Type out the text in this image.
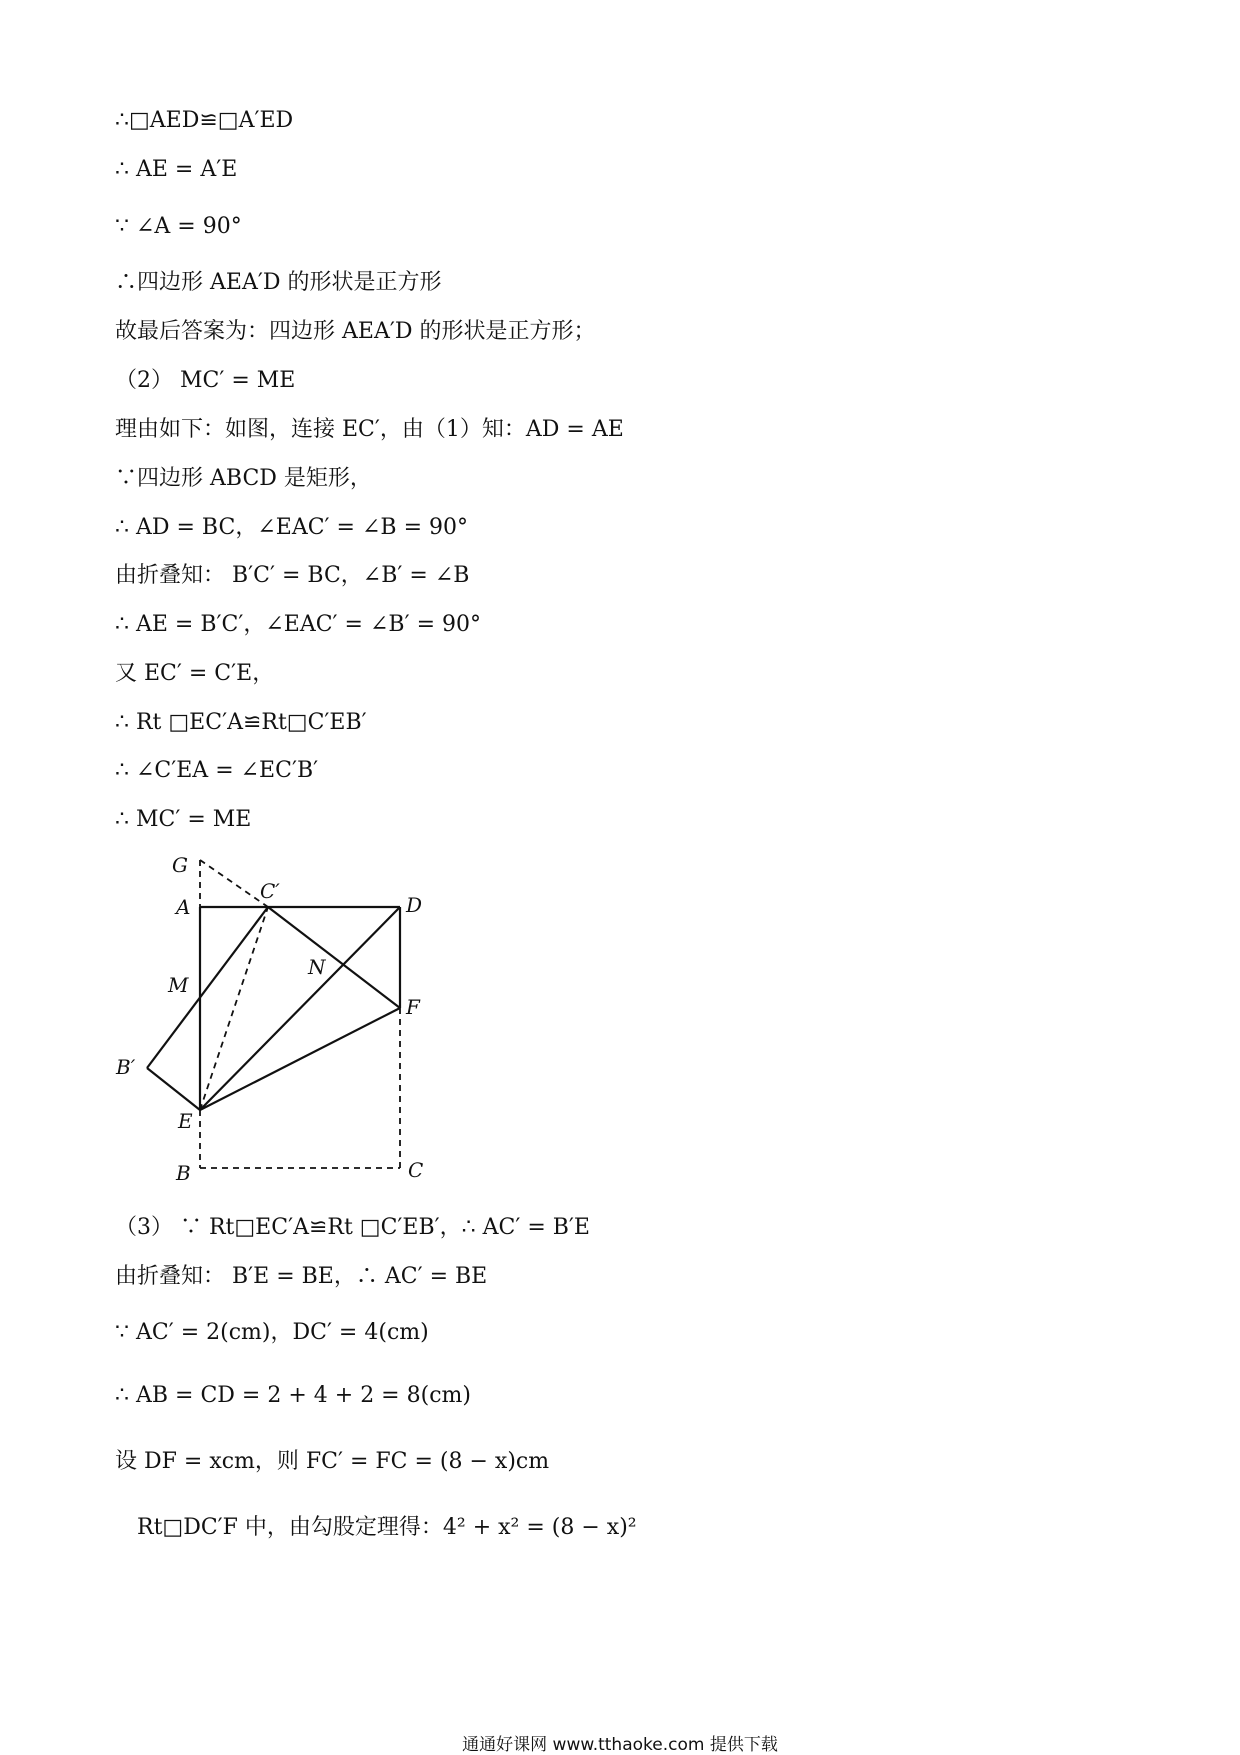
∴□AED≌□A′ED
∴ AE = A′E
∵ ∠A = 90°
∴四边形 AEA′D 的形状是正方形
故最后答案为：四边形 AEA′D 的形状是正方形；
（2） MC′ = ME
理由如下：如图，连接 EC′，由（1）知：AD = AE
∵四边形 ABCD 是矩形，
∴ AD = BC，∠EAC′ = ∠B = 90°
由折叠知： B′C′ = BC，∠B′ = ∠B
∴ AE = B′C′，∠EAC′ = ∠B′ = 90°
又 EC′ = C′E，
∴ Rt □EC′A≌Rt□C′EB′
∴ ∠C′EA = ∠EC′B′
∴ MC′ = ME
G
A
C′
D
N
M
F
B′
E
B	C
（3） ∵ Rt□EC′A≌Rt □C′EB′，∴ AC′ = B′E
由折叠知： B′E = BE，∴ AC′ = BE
∵ AC′ = 2(cm)，DC′ = 4(cm)
∴ AB = CD = 2 + 4 + 2 = 8(cm)
设 DF = xcm，则 FC′ = FC = (8 − x)cm
Rt□DC′F 中，由勾股定理得：4² + x² = (8 − x)²
通通好课网 www.tthaoke.com 提供下载
